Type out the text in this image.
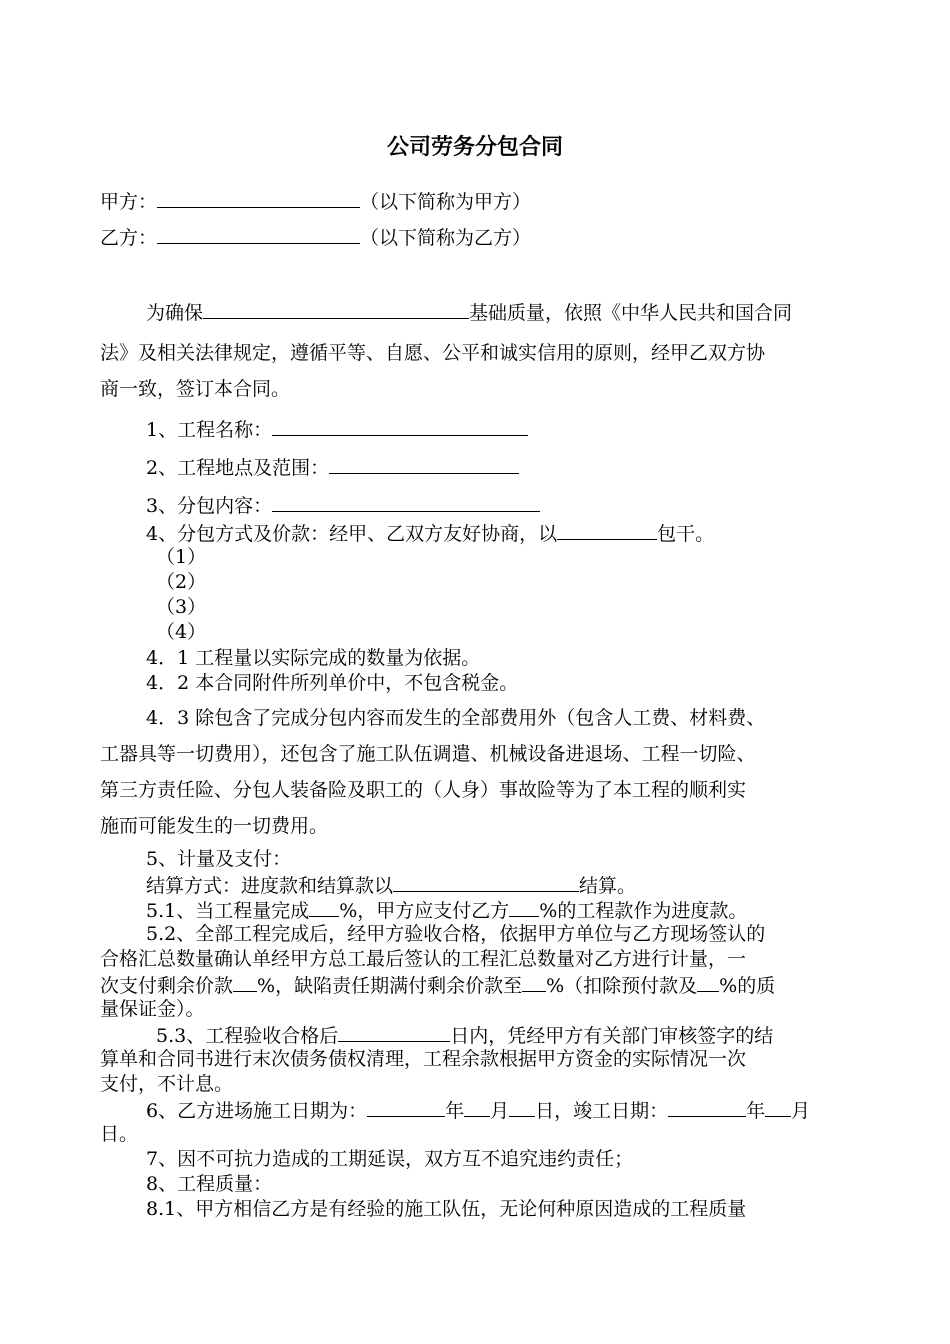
公司劳务分包合同
甲方：	（以下简称为甲方）
乙方：	（以下简称为乙方）
为确保	基础质量，依照《中华人民共和国合同
法》及相关法律规定，遵循平等、自愿、公平和诚实信用的原则，经甲乙双方协
商一致，签订本合同。
1、工程名称：
2、工程地点及范围：
3、分包内容：
4、分包方式及价款：经甲、乙双方友好协商，以	包干。
（1）
（2）
（3）
（4）
4．1 工程量以实际完成的数量为依据。
4．2 本合同附件所列单价中，不包含税金。
4．3 除包含了完成分包内容而发生的全部费用外（包含人工费、材料费、
工器具等一切费用），还包含了施工队伍调遣、机械设备进退场、工程一切险、
第三方责任险、分包人装备险及职工的（人身）事故险等为了本工程的顺利实
施而可能发生的一切费用。
5、计量及支付：
结算方式：进度款和结算款以	结算。
5.1、当工程量完成 %，甲方应支付乙方 %的工程款作为进度款。
5.2、全部工程完成后，经甲方验收合格，依据甲方单位与乙方现场签认的
合格汇总数量确认单经甲方总工最后签认的工程汇总数量对乙方进行计量，一
次支付剩余价款 %，缺陷责任期满付剩余价款至 %（扣除预付款及 %的质
量保证金）。
5.3、工程验收合格后	日内，凭经甲方有关部门审核签字的结
算单和合同书进行末次债务债权清理，工程余款根据甲方资金的实际情况一次
支付，不计息。
6、乙方进场施工日期为：	年 月 日，竣工日期：	年 月
日。
7、因不可抗力造成的工期延误，双方互不追究违约责任；
8、工程质量：
8.1、甲方相信乙方是有经验的施工队伍，无论何种原因造成的工程质量
